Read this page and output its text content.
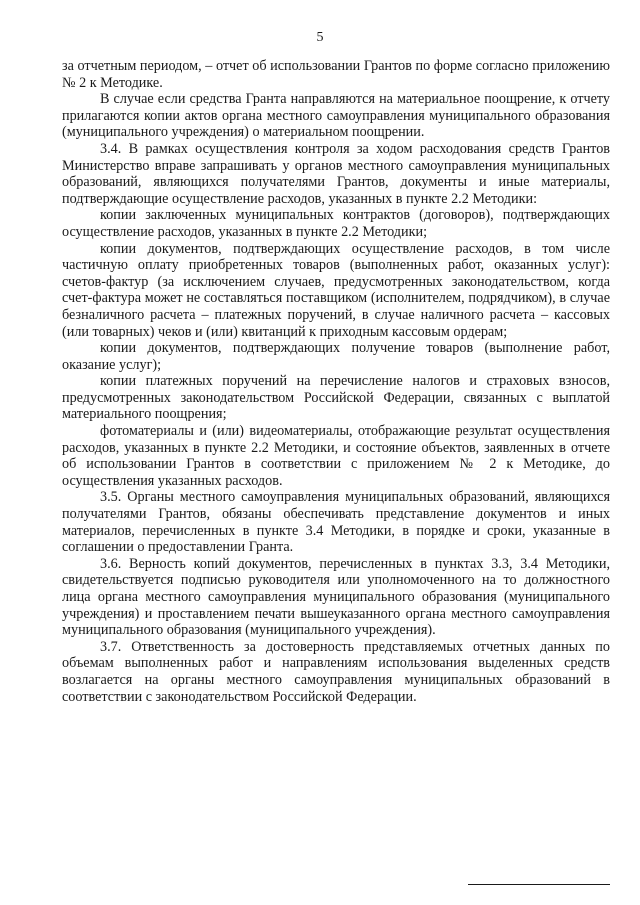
5

за отчетным периодом, – отчет об использовании Грантов по форме согласно приложению № 2 к Методике.

В случае если средства Гранта направляются на материальное поощрение, к отчету прилагаются копии актов органа местного самоуправления муниципального образования (муниципального учреждения) о материальном поощрении.

3.4. В рамках осуществления контроля за ходом расходования средств Грантов Министерство вправе запрашивать у органов местного самоуправления муниципальных образований, являющихся получателями Грантов, документы и иные материалы, подтверждающие осуществление расходов, указанных в пункте 2.2 Методики:

копии заключенных муниципальных контрактов (договоров), подтверждающих осуществление расходов, указанных в пункте 2.2 Методики;

копии документов, подтверждающих осуществление расходов, в том числе частичную оплату приобретенных товаров (выполненных работ, оказанных услуг): счетов-фактур (за исключением случаев, предусмотренных законодательством, когда счет-фактура может не составляться поставщиком (исполнителем, подрядчиком), в случае безналичного расчета – платежных поручений, в случае наличного расчета – кассовых (или товарных) чеков и (или) квитанций к приходным кассовым ордерам;

копии документов, подтверждающих получение товаров (выполнение работ, оказание услуг);

копии платежных поручений на перечисление налогов и страховых взносов, предусмотренных законодательством Российской Федерации, связанных с выплатой материального поощрения;

фотоматериалы и (или) видеоматериалы, отображающие результат осуществления расходов, указанных в пункте 2.2 Методики, и состояние объектов, заявленных в отчете об использовании Грантов в соответствии с приложением № 2 к Методике, до осуществления указанных расходов.

3.5. Органы местного самоуправления муниципальных образований, являющихся получателями Грантов, обязаны обеспечивать представление документов и иных материалов, перечисленных в пункте 3.4 Методики, в порядке и сроки, указанные в соглашении о предоставлении Гранта.

3.6. Верность копий документов, перечисленных в пунктах 3.3, 3.4 Методики, свидетельствуется подписью руководителя или уполномоченного на то должностного лица органа местного самоуправления муниципального образования (муниципального учреждения) и проставлением печати вышеуказанного органа местного самоуправления муниципального образования (муниципального учреждения).

3.7. Ответственность за достоверность представляемых отчетных данных по объемам выполненных работ и направлениям использования выделенных средств возлагается на органы местного самоуправления муниципальных образований в соответствии с законодательством Российской Федерации.
